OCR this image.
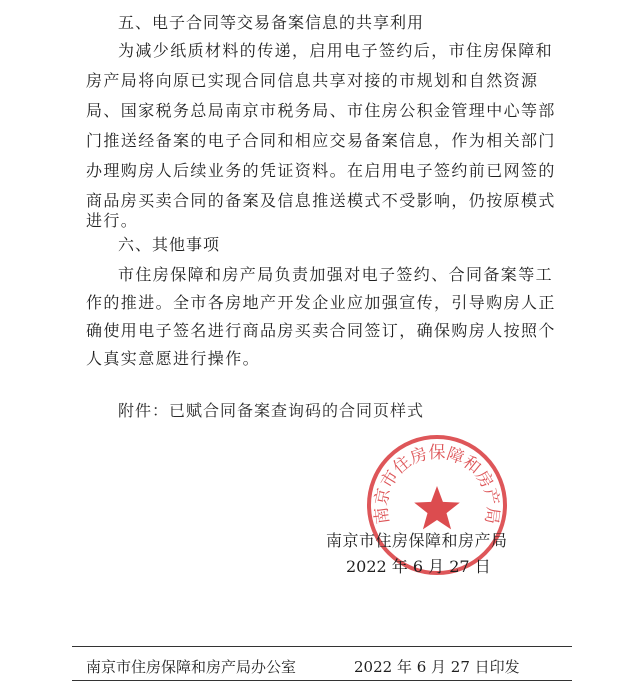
五、电子合同等交易备案信息的共享利用
为减少纸质材料的传递，启用电子签约后，市住房保障和
房产局将向原已实现合同信息共享对接的市规划和自然资源
局、国家税务总局南京市税务局、市住房公积金管理中心等部
门推送经备案的电子合同和相应交易备案信息，作为相关部门
办理购房人后续业务的凭证资料。在启用电子签约前已网签的
商品房买卖合同的备案及信息推送模式不受影响，仍按原模式
进行。
六、其他事项
市住房保障和房产局负责加强对电子签约、合同备案等工
作的推进。全市各房地产开发企业应加强宣传，引导购房人正
确使用电子签名进行商品房买卖合同签订，确保购房人按照个
人真实意愿进行操作。
附件：已赋合同备案查询码的合同页样式
南京市住房保障和房产局
南京市住房保障和房产局
2022 年 6 月 27 日
南京市住房保障和房产局办公室	2022 年 6 月 27 日印发
